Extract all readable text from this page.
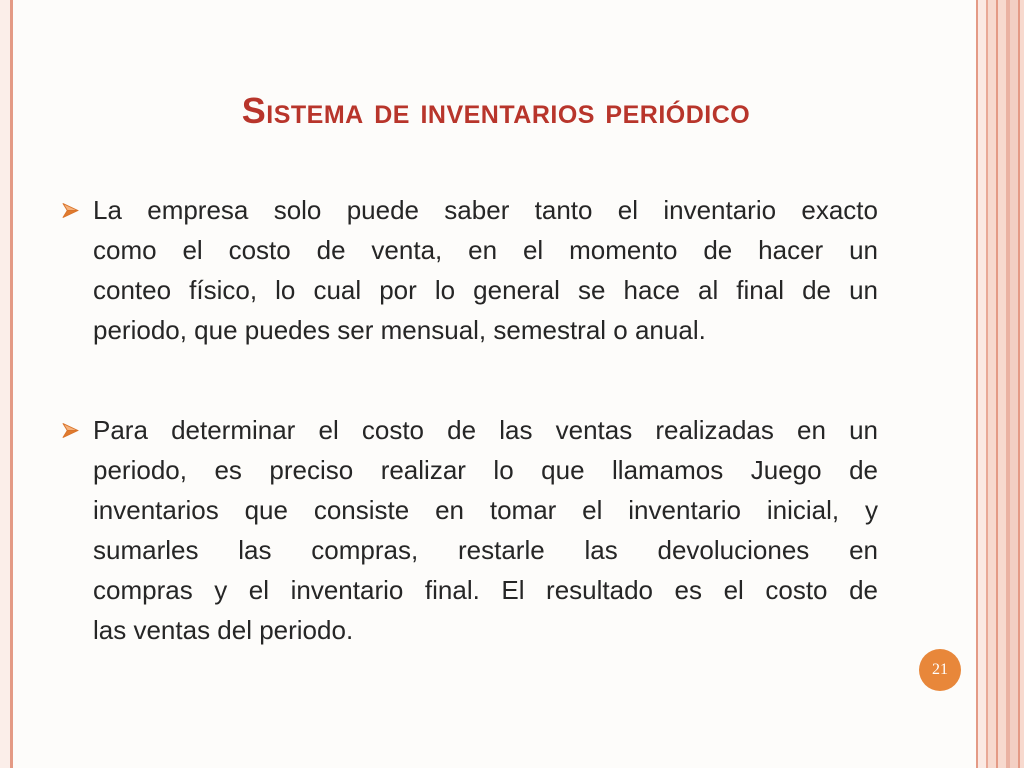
Sistema de inventarios periódico
La empresa solo puede saber tanto el inventario exacto
como el costo de venta, en el momento de hacer un
conteo físico, lo cual por lo general se hace al final de un
periodo, que puedes ser mensual, semestral o anual.
Para determinar el costo de las ventas realizadas en un
periodo, es preciso realizar lo que llamamos Juego de
inventarios que consiste en tomar el inventario inicial, y
sumarles las compras, restarle las devoluciones en
compras y el inventario final. El resultado es el costo de
las ventas del periodo.
21
